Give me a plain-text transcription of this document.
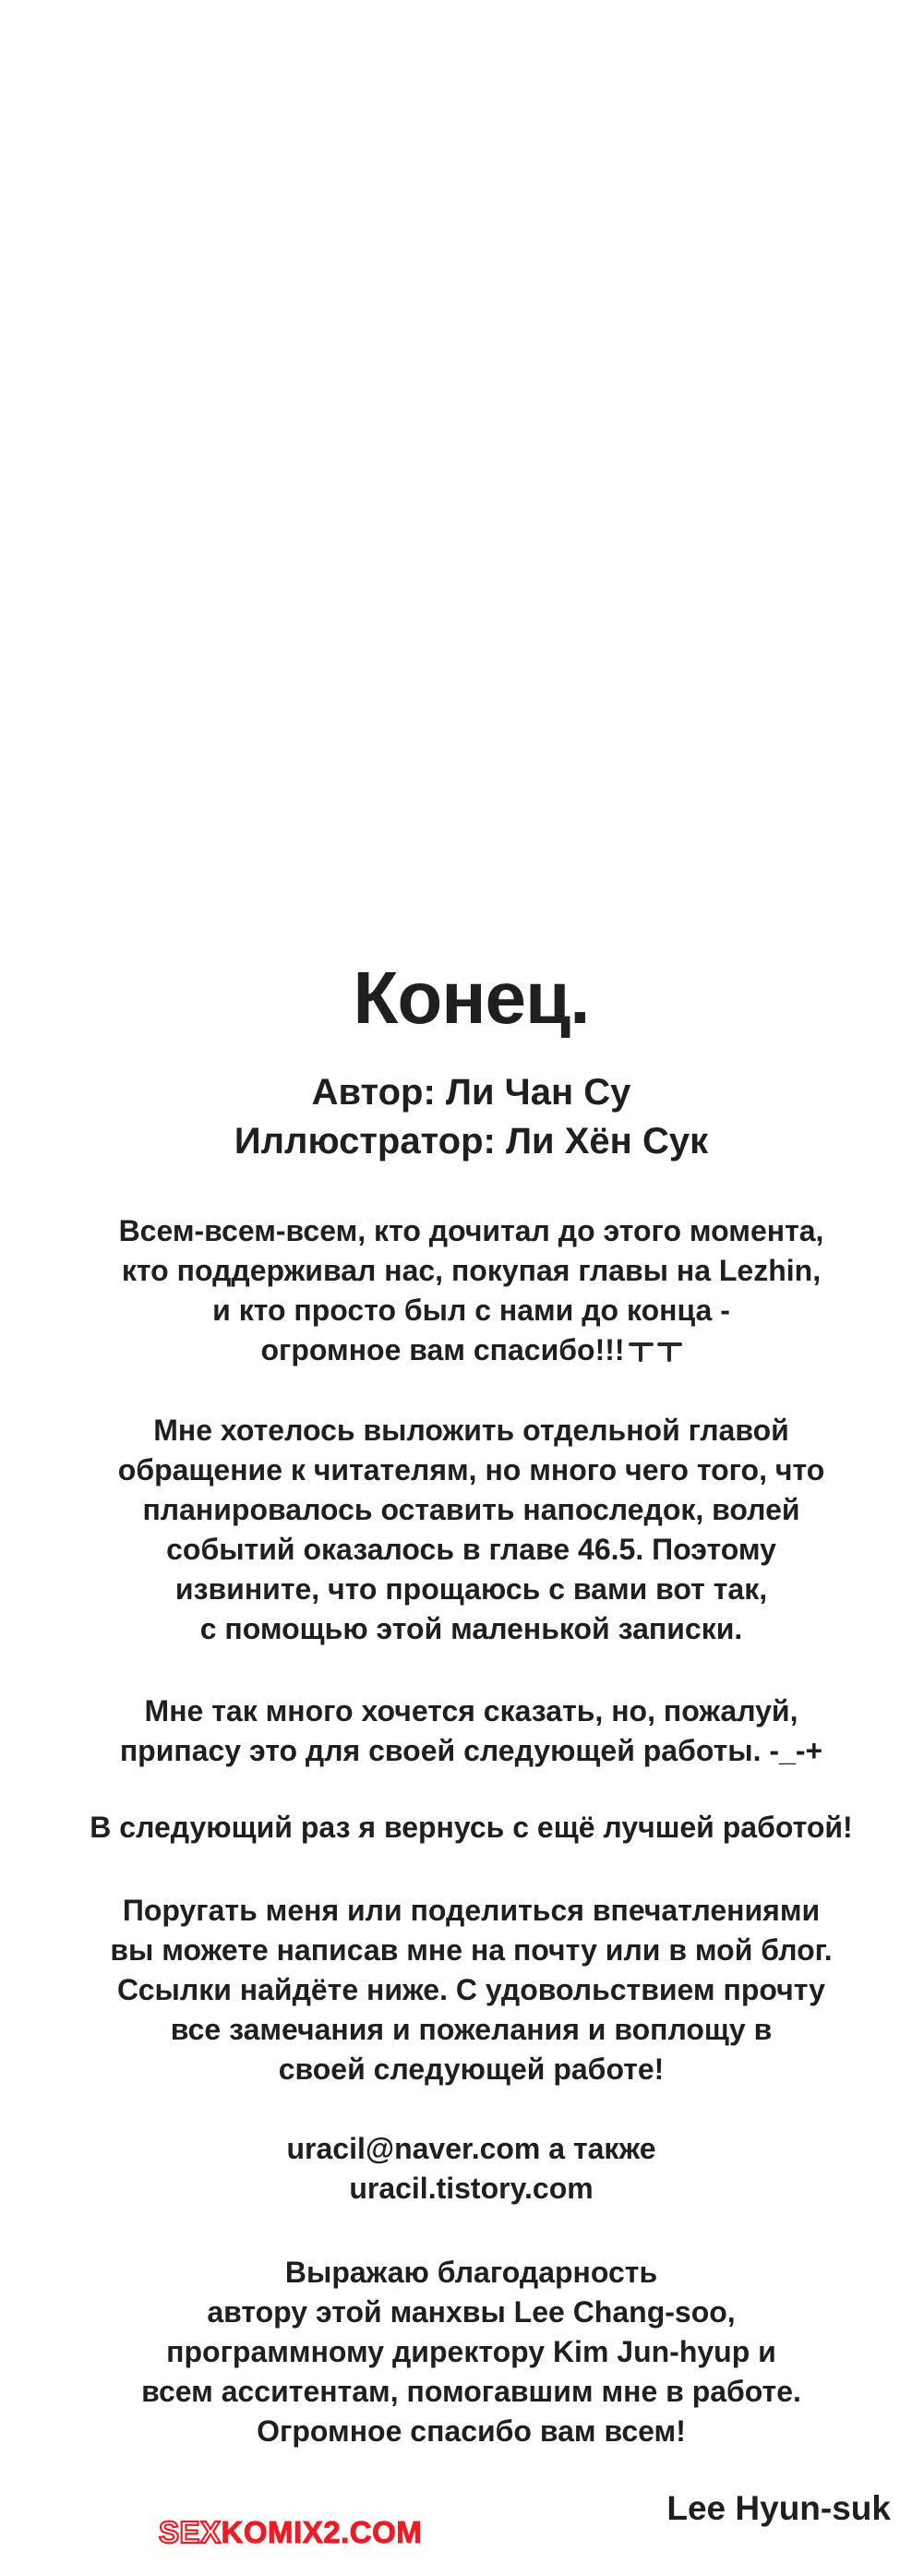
Конец.
Автор: Ли Чан Су
Иллюстратор: Ли Хён Сук
Всем-всем-всем, кто дочитал до этого момента,
кто поддерживал нас, покупая главы на Lezhin,
и кто просто был с нами до конца -
огромное вам спасибо!!!
Мне хотелось выложить отдельной главой
обращение к читателям, но много чего того, что
планировалось оставить напоследок, волей
событий оказалось в главе 46.5. Поэтому
извините, что прощаюсь с вами вот так,
с помощью этой маленькой записки.
Мне так много хочется сказать, но, пожалуй,
припасу это для своей следующей работы. -_-+
В следующий раз я вернусь с ещё лучшей работой!
Поругать меня или поделиться впечатлениями
вы можете написав мне на почту или в мой блог.
Ссылки найдёте ниже. С удовольствием прочту
все замечания и пожелания и воплощу в
своей следующей работе!
uracil@naver.com а также
uracil.tistory.com
Выражаю благодарность
автору этой манхвы Lee Chang-soo,
программному директору Kim Jun-hyup и
всем асситентам, помогавшим мне в работе.
Огромное спасибо вам всем!
Lee Hyun-suk
SEXKOMIX2.COM
